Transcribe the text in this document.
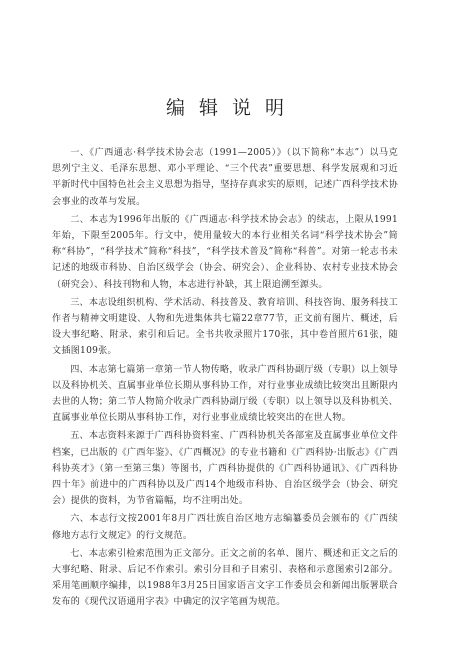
编辑说明

一、《广西通志·科学技术协会志（1991—2005）》（以下简称“本志”）以马克思列宁主义、毛泽东思想、邓小平理论、“三个代表”重要思想、科学发展观和习近平新时代中国特色社会主义思想为指导，坚持存真求实的原则，记述广西科学技术协会事业的改革与发展。

二、本志为1996年出版的《广西通志·科学技术协会志》的续志，上限从1991年始，下限至2005年。行文中，使用量较大的本行业相关名词“科学技术协会”简称“科协”，“科学技术”简称“科技”，“科学技术普及”简称“科普”。对第一轮志书未记述的地级市科协、自治区级学会（协会、研究会）、企业科协、农村专业技术协会（研究会）、科技刊物和人物，本志进行补缺，其上限追溯至源头。

三、本志设组织机构、学术活动、科技普及、教育培训、科技咨询、服务科技工作者与精神文明建设、人物和先进集体共七篇22章77节，正文前有图片、概述，后设大事纪略、附录、索引和后记。全书共收录照片170张，其中卷首照片61张，随文插图109张。

四、本志第七篇第一章第一节人物传略，收录广西科协副厅级（专职）以上领导以及科协机关、直属事业单位长期从事科协工作，对行业事业成绩比较突出且断限内去世的人物；第二节人物简介收录广西科协副厅级（专职）以上领导以及科协机关、直属事业单位长期从事科协工作，对行业事业成绩比较突出的在世人物。

五、本志资料来源于广西科协资料室、广西科协机关各部室及直属事业单位文件档案，已出版的《广西年鉴》、《广西概况》的专业书籍和《广西科协·出版志》《广西科协英才》（第一至第三集）等图书，广西科协提供的《广西科协通讯》、《广西科协四十年》前进中的广西科协以及广西14个地级市科协、自治区级学会（协会、研究会）提供的资料，为节省篇幅，均不注明出处。

六、本志行文按2001年8月广西壮族自治区地方志编纂委员会颁布的《广西续修地方志行文规定》的行文规范。

七、本志索引检索范围为正文部分。正文之前的名单、图片、概述和正文之后的大事纪略、附录、后记不作索引。索引分目和子目索引、表格和示意图索引2部分。采用笔画顺序编排，以1988年3月25日国家语言文字工作委员会和新闻出版署联合发布的《现代汉语通用字表》中确定的汉字笔画为规范。
